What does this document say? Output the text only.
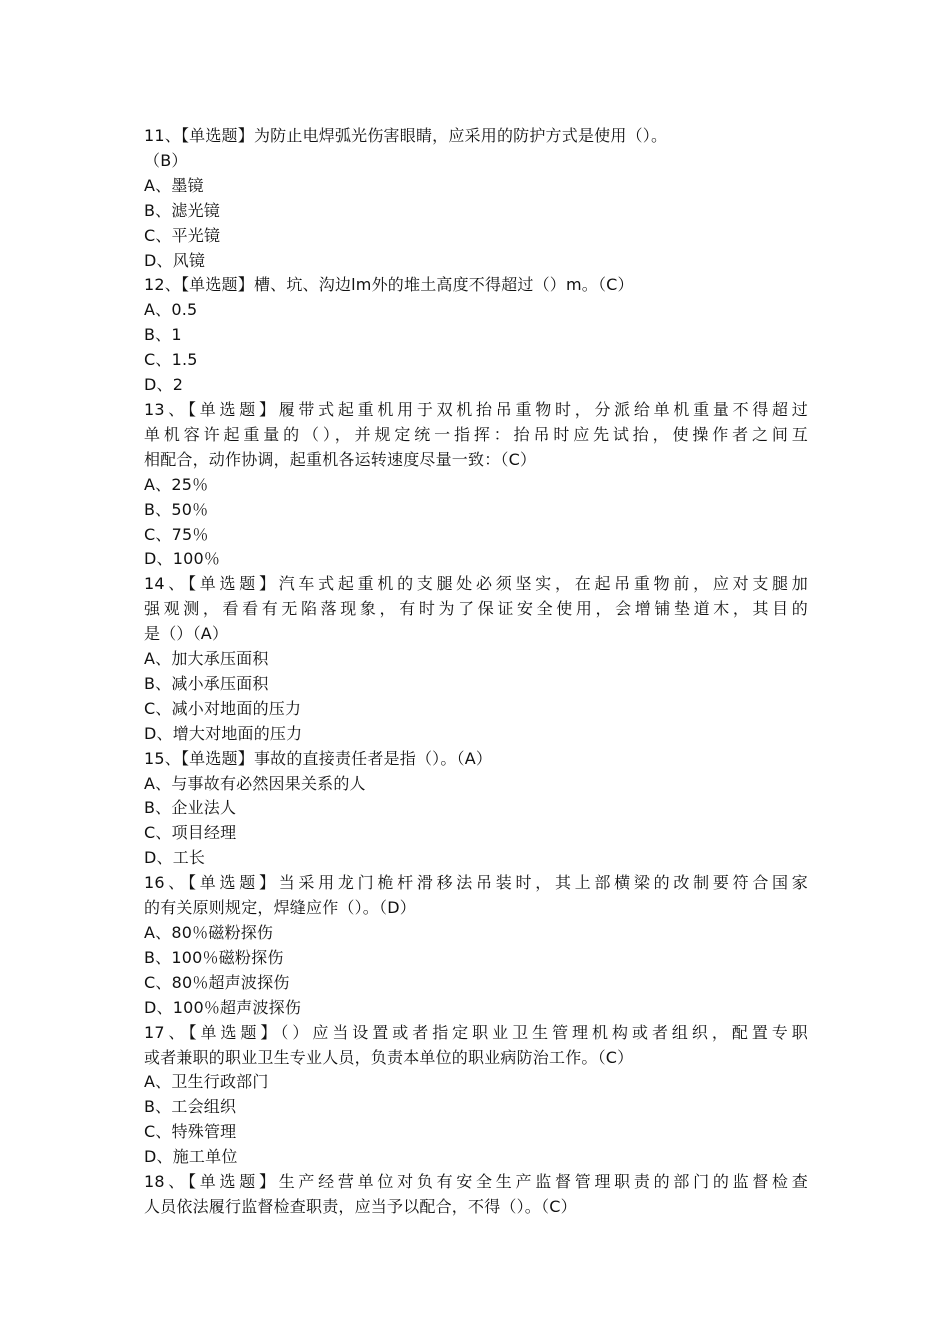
11、【单选题】为防止电焊弧光伤害眼睛，应采用的防护方式是使用（）。
（B）
A、墨镜
B、滤光镜
C、平光镜
D、风镜
12、【单选题】槽、坑、沟边lm外的堆土高度不得超过（）m。（C）
A、0.5
B、1
C、1.5
D、2
13、【单选题】履带式起重机用于双机抬吊重物时，分派给单机重量不得超过
单机容许起重量的（），并规定统一指挥：抬吊时应先试抬，使操作者之间互
相配合，动作协调，起重机各运转速度尽量一致：（C）
A、25％
B、50％
C、75％
D、100％
14、【单选题】汽车式起重机的支腿处必须坚实，在起吊重物前，应对支腿加
强观测，看看有无陷落现象，有时为了保证安全使用，会增铺垫道木，其目的
是（）（A）
A、加大承压面积
B、减小承压面积
C、减小对地面的压力
D、增大对地面的压力
15、【单选题】事故的直接责任者是指（）。（A）
A、与事故有必然因果关系的人
B、企业法人
C、项目经理
D、工长
16、【单选题】当采用龙门桅杆滑移法吊装时，其上部横梁的改制要符合国家
的有关原则规定，焊缝应作（）。（D）
A、80％磁粉探伤
B、100％磁粉探伤
C、80％超声波探伤
D、100％超声波探伤
17、【单选题】（）应当设置或者指定职业卫生管理机构或者组织，配置专职
或者兼职的职业卫生专业人员，负责本单位的职业病防治工作。（C）
A、卫生行政部门
B、工会组织
C、特殊管理
D、施工单位
18、【单选题】生产经营单位对负有安全生产监督管理职责的部门的监督检查
人员依法履行监督检查职责，应当予以配合，不得（）。（C）
